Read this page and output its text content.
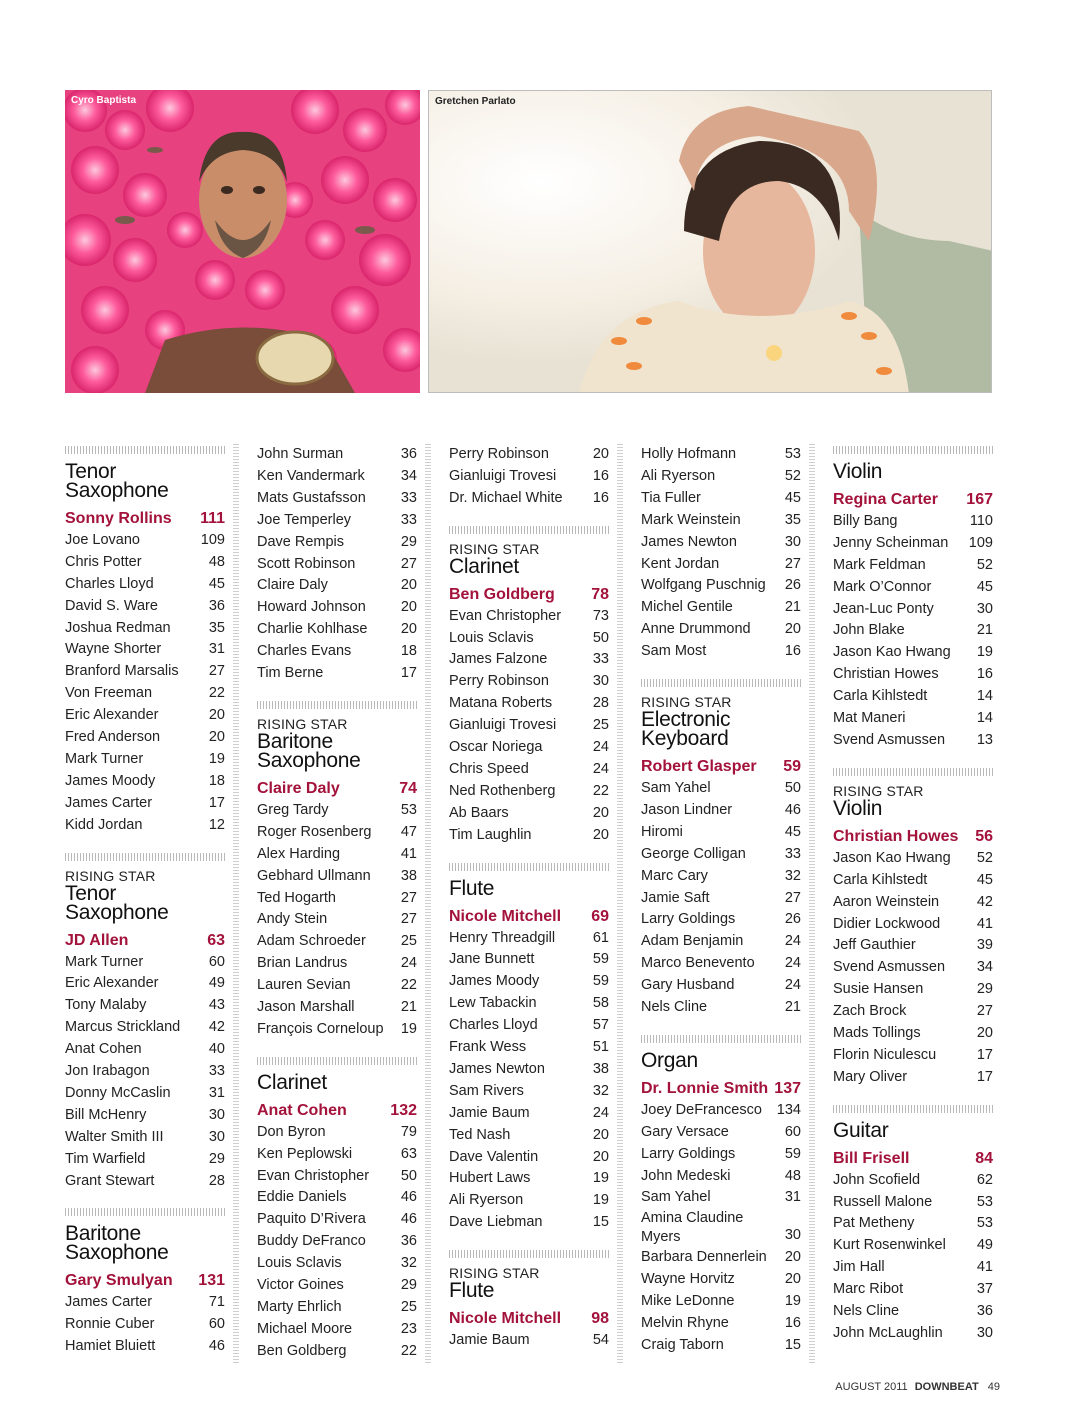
Cyro Baptista	Gretchen Parlato
Tenor
Saxophone
Sonny Rollins	111
Joe Lovano	109
Chris Potter	48
Charles Lloyd	45
David S. Ware	36
Joshua Redman	35
Wayne Shorter	31
Branford Marsalis	27
Von Freeman	22
Eric Alexander	20
Fred Anderson	20
Mark Turner	19
James Moody	18
James Carter	17
Kidd Jordan	12
RISING STAR
Tenor
Saxophone
JD Allen	63
Mark Turner	60
Eric Alexander	49
Tony Malaby	43
Marcus Strickland	42
Anat Cohen	40
Jon Irabagon	33
Donny McCaslin	31
Bill McHenry	30
Walter Smith III	30
Tim Warfield	29
Grant Stewart	28
Baritone
Saxophone
Gary Smulyan 131
James Carter	71
Ronnie Cuber	60
Hamiet Bluiett	46
John Surman	36
Ken Vandermark	34
Mats Gustafsson	33
Joe Temperley	33
Dave Rempis	29
Scott Robinson	27
Claire Daly	20
Howard Johnson	20
Charlie Kohlhase	20
Charles Evans	18
Tim Berne	17
RISING STAR
Baritone
Saxophone
Claire Daly	74
Greg Tardy	53
Roger Rosenberg	47
Alex Harding	41
Gebhard Ullmann	38
Ted Hogarth	27
Andy Stein	27
Adam Schroeder	25
Brian Landrus	24
Lauren Sevian	22
Jason Marshall	21
François Corneloup	19
Clarinet
Anat Cohen	132
Don Byron	79
Ken Peplowski	63
Evan Christopher	50
Eddie Daniels	46
Paquito D’Rivera	46
Buddy DeFranco	36
Louis Sclavis	32
Victor Goines	29
Marty Ehrlich	25
Michael Moore	23
Ben Goldberg	22
Perry Robinson	20
Gianluigi Trovesi	16
Dr. Michael White	16
RISING STAR
Clarinet
Ben Goldberg	78
Evan Christopher	73
Louis Sclavis	50
James Falzone	33
Perry Robinson	30
Matana Roberts	28
Gianluigi Trovesi	25
Oscar Noriega	24
Chris Speed	24
Ned Rothenberg	22
Ab Baars	20
Tim Laughlin	20
Flute
Nicole Mitchell	69
Henry Threadgill	61
Jane Bunnett	59
James Moody	59
Lew Tabackin	58
Charles Lloyd	57
Frank Wess	51
James Newton	38
Sam Rivers	32
Jamie Baum	24
Ted Nash	20
Dave Valentin	20
Hubert Laws	19
Ali Ryerson	19
Dave Liebman	15
RISING STAR
Flute
Nicole Mitchell	98
Jamie Baum	54
Holly Hofmann	53
Ali Ryerson	52
Tia Fuller	45
Mark Weinstein	35
James Newton	30
Kent Jordan	27
Wolfgang Puschnig	26
Michel Gentile	21
Anne Drummond	20
Sam Most	16
RISING STAR
Electronic
Keyboard
Robert Glasper	59
Sam Yahel	50
Jason Lindner	46
Hiromi	45
George Colligan	33
Marc Cary	32
Jamie Saft	27
Larry Goldings	26
Adam Benjamin	24
Marco Benevento	24
Gary Husband	24
Nels Cline	21
Organ
Dr. Lonnie Smith 137
Joey DeFrancesco	134
Gary Versace	60
Larry Goldings	59
John Medeski	48
Sam Yahel	31
Amina Claudine Myers	30
Barbara Dennerlein	20
Wayne Horvitz	20
Mike LeDonne	19
Melvin Rhyne	16
Craig Taborn	15
Violin
Regina Carter 167
Billy Bang	110
Jenny Scheinman	109
Mark Feldman	52
Mark O’Connor	45
Jean-Luc Ponty	30
John Blake	21
Jason Kao Hwang	19
Christian Howes	16
Carla Kihlstedt	14
Mat Maneri	14
Svend Asmussen	13
RISING STAR
Violin
Christian Howes	56
Jason Kao Hwang	52
Carla Kihlstedt	45
Aaron Weinstein	42
Didier Lockwood	41
Jeff Gauthier	39
Svend Asmussen	34
Susie Hansen	29
Zach Brock	27
Mads Tollings	20
Florin Niculescu	17
Mary Oliver	17
Guitar
Bill Frisell	84
John Scofield	62
Russell Malone	53
Pat Metheny	53
Kurt Rosenwinkel	49
Jim Hall	41
Marc Ribot	37
Nels Cline	36
John McLaughlin	30
AUGUST 2011 DOWNBEAT 49
